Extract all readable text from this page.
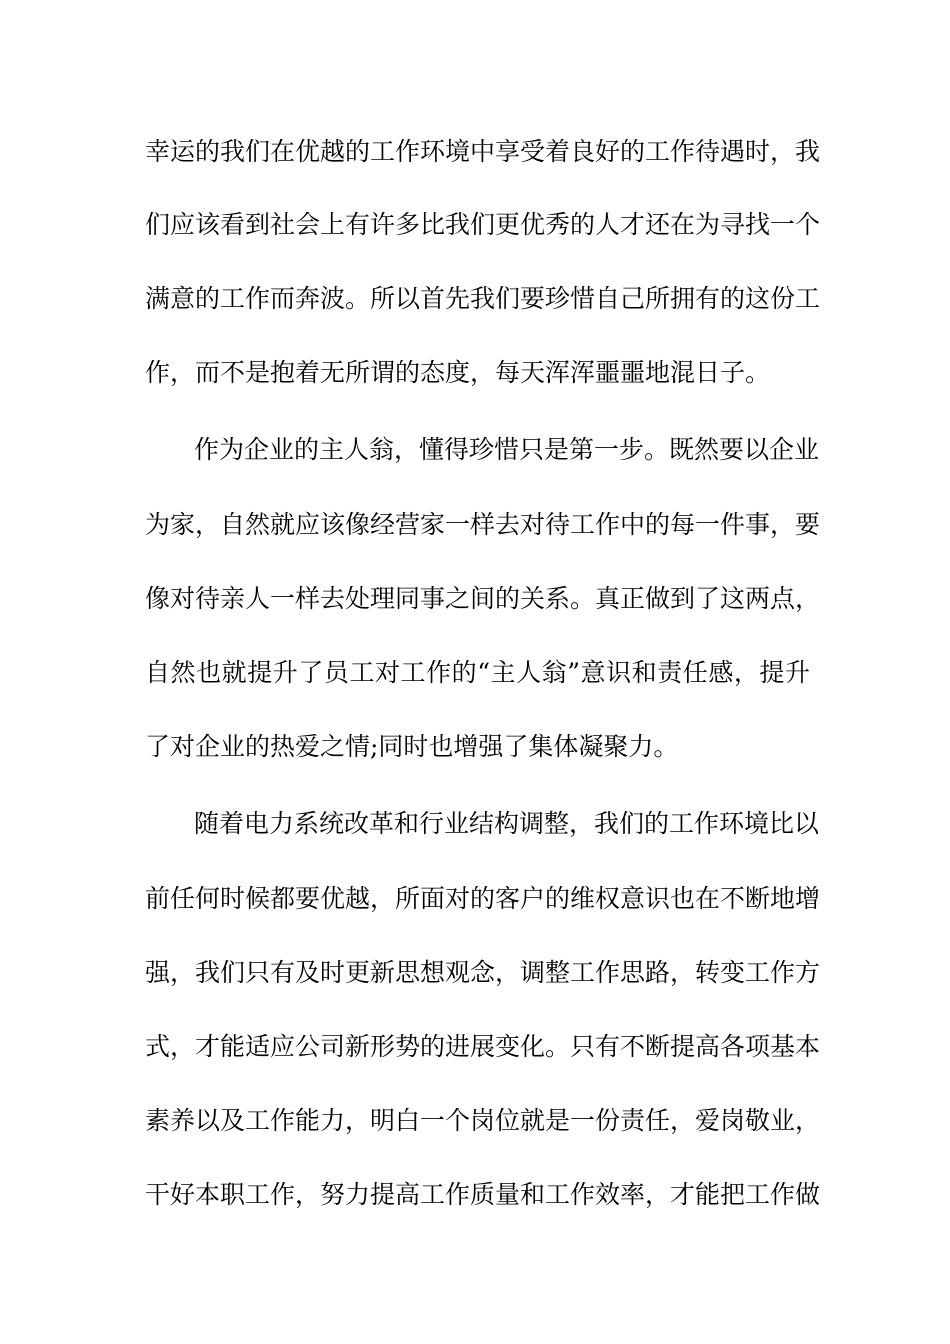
幸运的我们在优越的工作环境中享受着良好的工作待遇时，我
们应该看到社会上有许多比我们更优秀的人才还在为寻找一个
满意的工作而奔波。所以首先我们要珍惜自己所拥有的这份工
作，而不是抱着无所谓的态度，每天浑浑噩噩地混日子。
作为企业的主人翁，懂得珍惜只是第一步。既然要以企业
为家，自然就应该像经营家一样去对待工作中的每一件事，要
像对待亲人一样去处理同事之间的关系。真正做到了这两点，
自然也就提升了员工对工作的“主人翁”意识和责任感，提升
了对企业的热爱之情;同时也增强了集体凝聚力。
随着电力系统改革和行业结构调整，我们的工作环境比以
前任何时候都要优越，所面对的客户的维权意识也在不断地增
强，我们只有及时更新思想观念，调整工作思路，转变工作方
式，才能适应公司新形势的进展变化。只有不断提高各项基本
素养以及工作能力，明白一个岗位就是一份责任，爱岗敬业，
干好本职工作，努力提高工作质量和工作效率，才能把工作做
